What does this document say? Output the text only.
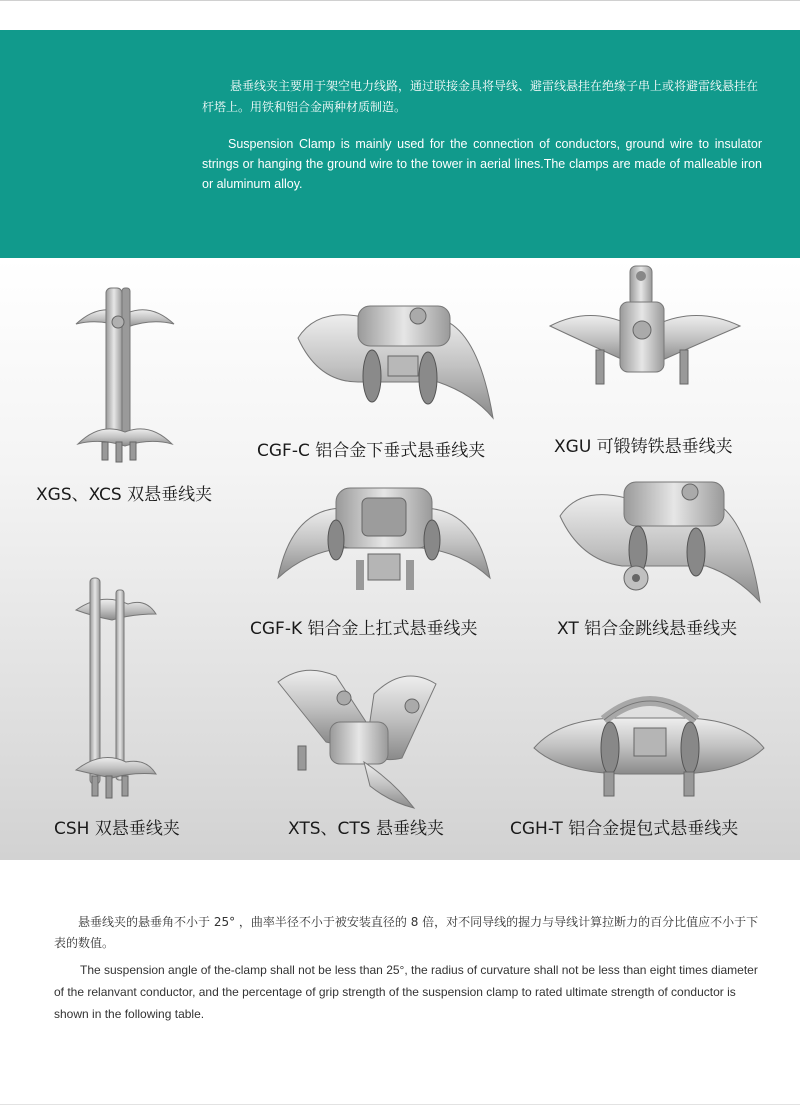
悬垂线夹主要用于架空电力线路，通过联接金具将导线、避雷线悬挂在绝缘子串上或将避雷线悬挂在杆塔上。用铁和铝合金两种材质制造。

Suspension Clamp is mainly used for the connection of conductors, ground wire to insulator strings or hanging the ground wire to the tower in aerial lines.The clamps are made of malleable iron or aluminum alloy.

XGS、XCS 双悬垂线夹

CGF-C 铝合金下垂式悬垂线夹	XGU 可锻铸铁悬垂线夹

CGF-K 铝合金上扛式悬垂线夹	XT 铝合金跳线悬垂线夹

CSH 双悬垂线夹	XTS、CTS 悬垂线夹	CGH-T 铝合金提包式悬垂线夹

悬垂线夹的悬垂角不小于 25° ，曲率半径不小于被安装直径的 8 倍，对不同导线的握力与导线计算拉断力的百分比值应不小于下表的数值。

The suspension angle of the-clamp shall not be less than 25°, the radius of curvature shall not be less than eight times diameter of the relanvant conductor, and the percentage of grip strength of the suspension clamp to rated ultimate strength of conductor is shown in the following table.
